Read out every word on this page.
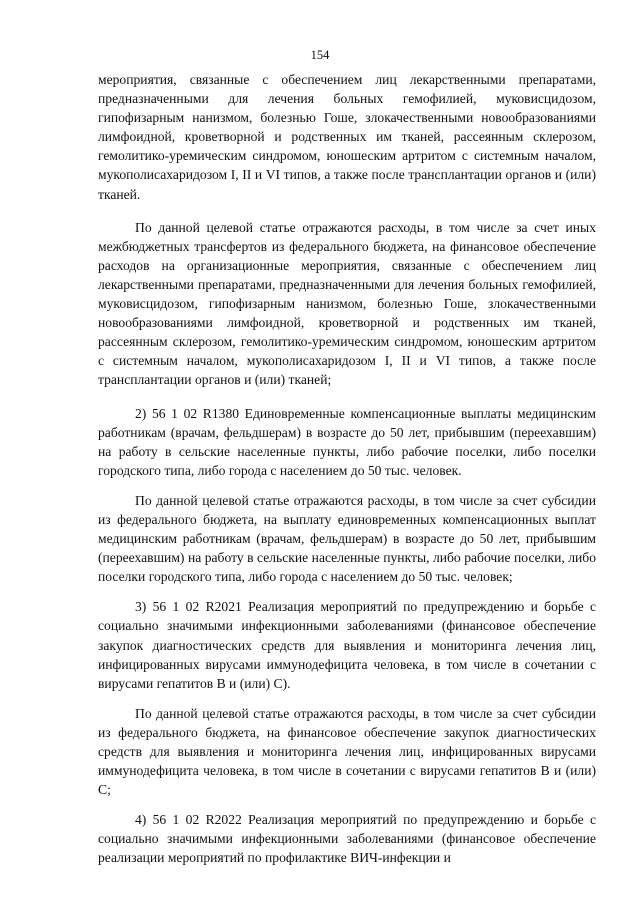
154

мероприятия, связанные с обеспечением лиц лекарственными препаратами, предназначенными для лечения больных гемофилией, муковисцидозом, гипофизарным нанизмом, болезнью Гоше, злокачественными новообразованиями лимфоидной, кроветворной и родственных им тканей, рассеянным склерозом, гемолитико-уремическим синдромом, юношеским артритом с системным началом, мукополисахаридозом I, II и VI типов, а также после трансплантации органов и (или) тканей.

По данной целевой статье отражаются расходы, в том числе за счет иных межбюджетных трансфертов из федерального бюджета, на финансовое обеспечение расходов на организационные мероприятия, связанные с обеспечением лиц лекарственными препаратами, предназначенными для лечения больных гемофилией, муковисцидозом, гипофизарным нанизмом, болезнью Гоше, злокачественными новообразованиями лимфоидной, кроветворной и родственных им тканей, рассеянным склерозом, гемолитико-уремическим синдромом, юношеским артритом с системным началом, мукополисахаридозом I, II и VI типов, а также после трансплантации органов и (или) тканей;

2) 56 1 02 R1380 Единовременные компенсационные выплаты медицинским работникам (врачам, фельдшерам) в возрасте до 50 лет, прибывшим (переехавшим) на работу в сельские населенные пункты, либо рабочие поселки, либо поселки городского типа, либо города с населением до 50 тыс. человек.

По данной целевой статье отражаются расходы, в том числе за счет субсидии из федерального бюджета, на выплату единовременных компенсационных выплат медицинским работникам (врачам, фельдшерам) в возрасте до 50 лет, прибывшим (переехавшим) на работу в сельские населенные пункты, либо рабочие поселки, либо поселки городского типа, либо города с населением до 50 тыс. человек;

3) 56 1 02 R2021 Реализация мероприятий по предупреждению и борьбе с социально значимыми инфекционными заболеваниями (финансовое обеспечение закупок диагностических средств для выявления и мониторинга лечения лиц, инфицированных вирусами иммунодефицита человека, в том числе в сочетании с вирусами гепатитов В и (или) С).

По данной целевой статье отражаются расходы, в том числе за счет субсидии из федерального бюджета, на финансовое обеспечение закупок диагностических средств для выявления и мониторинга лечения лиц, инфицированных вирусами иммунодефицита человека, в том числе в сочетании с вирусами гепатитов В и (или) С;

4) 56 1 02 R2022 Реализация мероприятий по предупреждению и борьбе с социально значимыми инфекционными заболеваниями (финансовое обеспечение реализации мероприятий по профилактике ВИЧ-инфекции и
